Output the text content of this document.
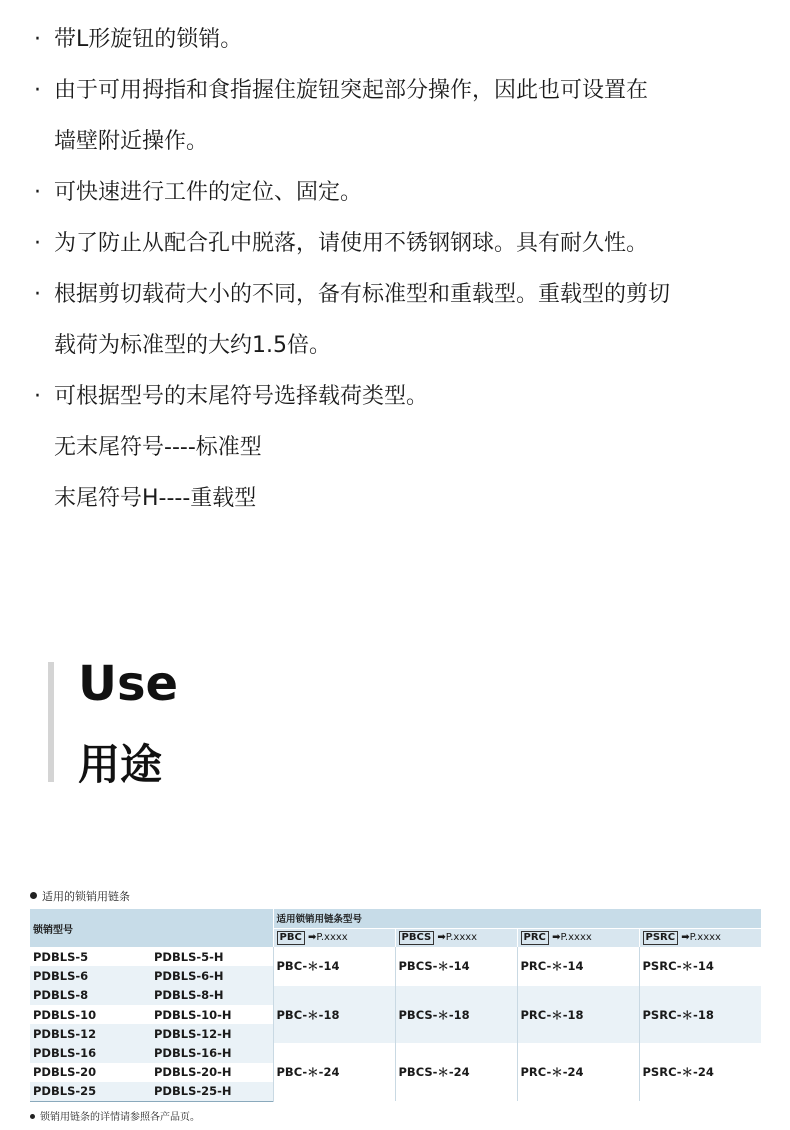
· 带L形旋钮的锁销。

· 由于可用拇指和食指握住旋钮突起部分操作，因此也可设置在
墙壁附近操作。

· 可快速进行工件的定位、固定。

· 为了防止从配合孔中脱落，请使用不锈钢钢球。具有耐久性。

· 根据剪切载荷大小的不同，备有标准型和重载型。重载型的剪切
载荷为标准型的大约1.5倍。

· 可根据型号的末尾符号选择载荷类型。
无末尾符号----标准型
末尾符号H----重载型

Use
用途
适用的锁销用链条
锁销型号		适用锁销用链条型号			
		PBC ➡P.xxxx	PBCS ➡P.xxxx	PRC ➡P.xxxx	PSRC ➡P.xxxx
PDBLS-5	PDBLS-5-H	PBC-＊-14	PBCS-＊-14	PRC-＊-14	PSRC-＊-14
PDBLS-6	PDBLS-6-H				
PDBLS-8	PDBLS-8-H	PBC-＊-18	PBCS-＊-18	PRC-＊-18	PSRC-＊-18
PDBLS-10	PDBLS-10-H				
PDBLS-12	PDBLS-12-H				
PDBLS-16	PDBLS-16-H	PBC-＊-24	PBCS-＊-24	PRC-＊-24	PSRC-＊-24
PDBLS-20	PDBLS-20-H				
PDBLS-25	PDBLS-25-H				
锁销用链条的详情请参照各产品页。
